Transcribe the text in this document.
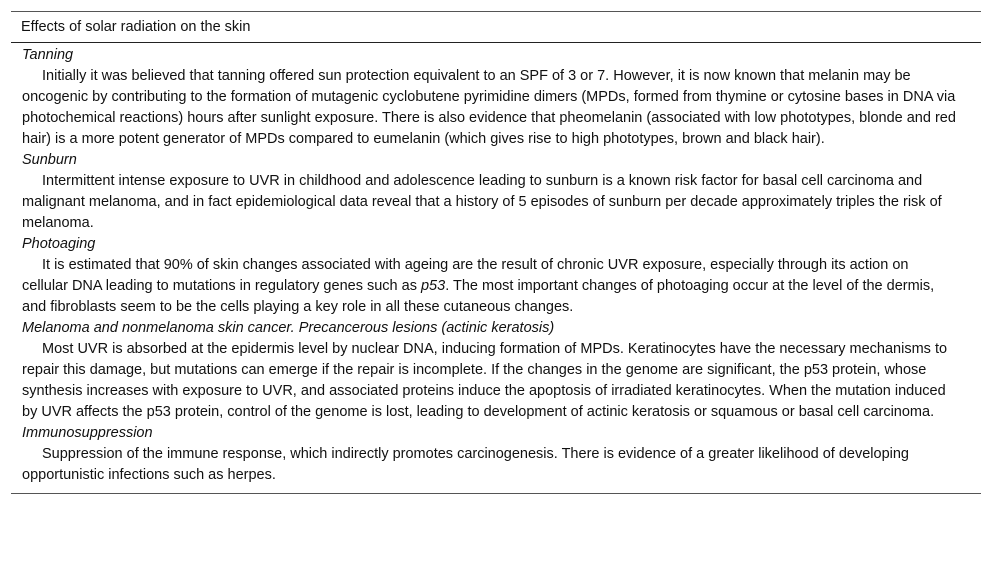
Effects of solar radiation on the skin
Tanning

Initially it was believed that tanning offered sun protection equivalent to an SPF of 3 or 7. However, it is now known that melanin may be oncogenic by contributing to the formation of mutagenic cyclobutene pyrimidine dimers (MPDs, formed from thymine or cytosine bases in DNA via photochemical reactions) hours after sunlight exposure. There is also evidence that pheomelanin (associated with low phototypes, blonde and red hair) is a more potent generator of MPDs compared to eumelanin (which gives rise to high phototypes, brown and black hair).

Sunburn

Intermittent intense exposure to UVR in childhood and adolescence leading to sunburn is a known risk factor for basal cell carcinoma and malignant melanoma, and in fact epidemiological data reveal that a history of 5 episodes of sunburn per decade approximately triples the risk of melanoma.

Photoaging

It is estimated that 90% of skin changes associated with ageing are the result of chronic UVR exposure, especially through its action on cellular DNA leading to mutations in regulatory genes such as p53. The most important changes of photoaging occur at the level of the dermis, and fibroblasts seem to be the cells playing a key role in all these cutaneous changes.

Melanoma and nonmelanoma skin cancer. Precancerous lesions (actinic keratosis)

Most UVR is absorbed at the epidermis level by nuclear DNA, inducing formation of MPDs. Keratinocytes have the necessary mechanisms to repair this damage, but mutations can emerge if the repair is incomplete. If the changes in the genome are significant, the p53 protein, whose synthesis increases with exposure to UVR, and associated proteins induce the apoptosis of irradiated keratinocytes. When the mutation induced by UVR affects the p53 protein, control of the genome is lost, leading to development of actinic keratosis or squamous or basal cell carcinoma.

Immunosuppression

Suppression of the immune response, which indirectly promotes carcinogenesis. There is evidence of a greater likelihood of developing opportunistic infections such as herpes.
